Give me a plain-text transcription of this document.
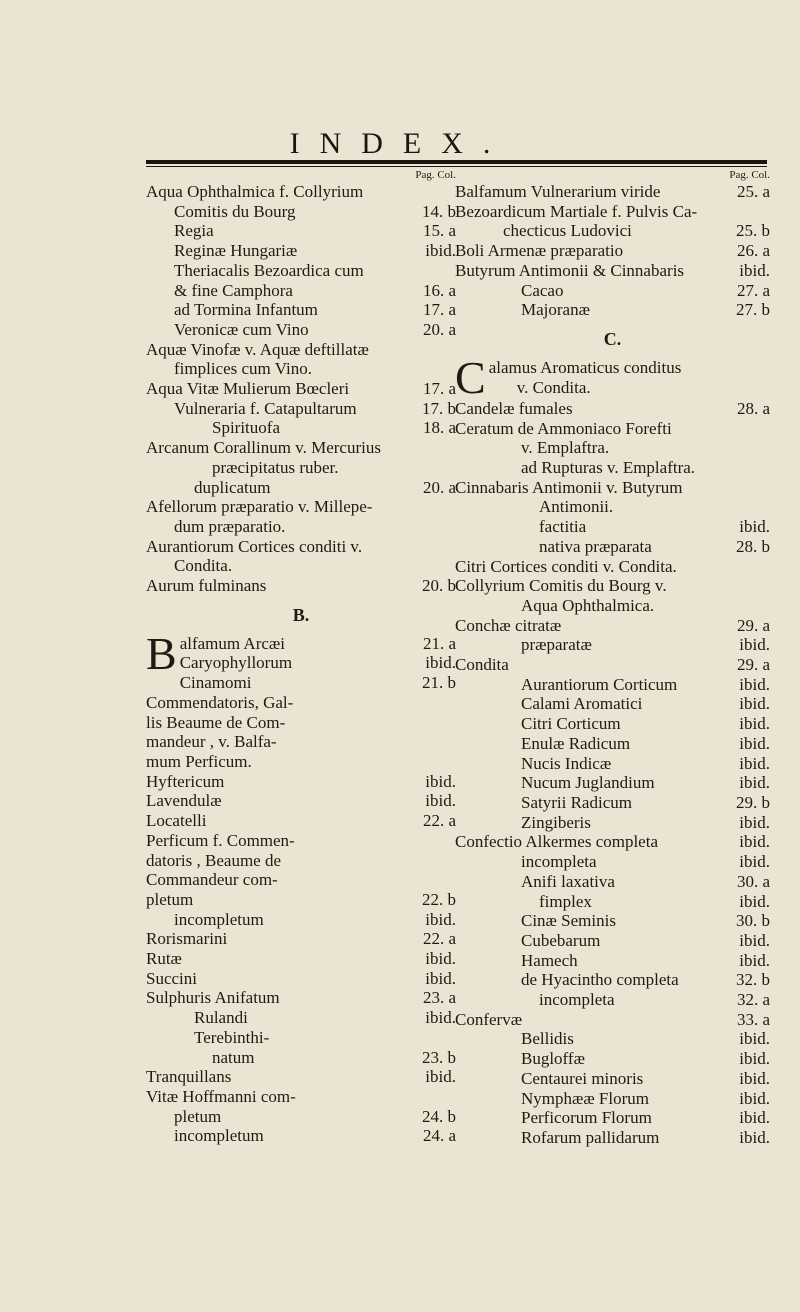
INDEX.
Pag. Col.
Aqua Ophthalmica f. Collyrium
Comitis du Bourg	14. b
Regia	15. a
Reginæ Hungariæ	ibid.
Theriacalis Bezoardica cum
& fine Camphora	16. a
ad Tormina Infantum	17. a
Veronicæ cum Vino	20. a
Aquæ Vinofæ v. Aquæ deftillatæ
fimplices cum Vino.
Aqua Vitæ Mulierum Bœcleri	17. a
Vulneraria f. Catapultarum	17. b
Spirituofa	18. a
Arcanum Corallinum v. Mercurius
præcipitatus ruber.
duplicatum	20. a
Afellorum præparatio v. Millepe-
dum præparatio.
Aurantiorum Cortices conditi v.
Condita.
Aurum fulminans	20. b
B.
B alfamum Arcæi	21. a
Caryophyllorum	ibid.
Cinamomi	21. b
Commendatoris, Gal-
lis Beaume de Com-
mandeur , v. Balfa-
mum Perficum.
Hyftericum	ibid.
Lavendulæ	ibid.
Locatelli	22. a
Perficum f. Commen-
datoris , Beaume de
Commandeur com-
pletum	22. b
incompletum	ibid.
Rorismarini	22. a
Rutæ	ibid.
Succini	ibid.
Sulphuris Anifatum	23. a
Rulandi	ibid.
Terebinthi-
natum	23. b
Tranquillans	ibid.
Vitæ Hoffmanni com-
pletum	24. b
incompletum	24. a
Pag. Col.
Balfamum Vulnerarium viride	25. a
Bezoardicum Martiale f. Pulvis Ca-
checticus Ludovici	25. b
Boli Armenæ præparatio	26. a
Butyrum Antimonii & Cinnabaris	ibid.
Cacao	27. a
Majoranæ	27. b
C.
C alamus Aromaticus conditus
v. Condita.
Candelæ fumales	28. a
Ceratum de Ammoniaco Forefti
v. Emplaftra.
ad Rupturas v. Emplaftra.
Cinnabaris Antimonii v. Butyrum
Antimonii.
factitia	ibid.
nativa præparata	28. b
Citri Cortices conditi v. Condita.
Collyrium Comitis du Bourg v.
Aqua Ophthalmica.
Conchæ citratæ	29. a
præparatæ	ibid.
Condita	29. a
Aurantiorum Corticum	ibid.
Calami Aromatici	ibid.
Citri Corticum	ibid.
Enulæ Radicum	ibid.
Nucis Indicæ	ibid.
Nucum Juglandium	ibid.
Satyrii Radicum	29. b
Zingiberis	ibid.
Confectio Alkermes completa	ibid.
incompleta	ibid.
Anifi laxativa	30. a
fimplex	ibid.
Cinæ Seminis	30. b
Cubebarum	ibid.
Hamech	ibid.
de Hyacintho completa	32. b
incompleta	32. a
Confervæ	33. a
Bellidis	ibid.
Bugloffæ	ibid.
Centaurei minoris	ibid.
Nymphææ Florum	ibid.
Perficorum Florum	ibid.
Rofarum pallidarum	ibid.
